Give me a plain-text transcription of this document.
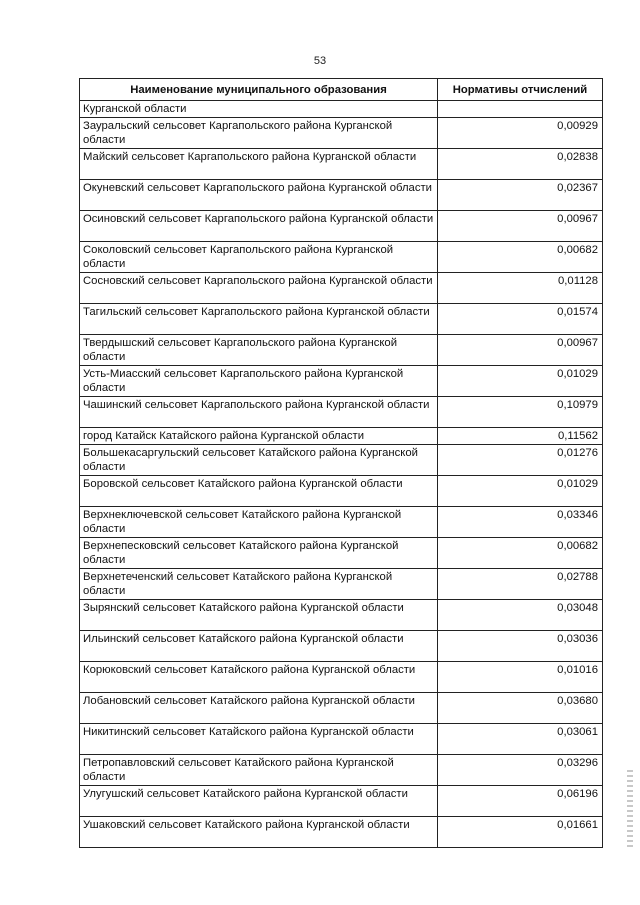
53
Наименование муниципального образования	Нормативы отчислений
Курганской области	
Зауральский сельсовет Каргапольского района Курганской области	0,00929
Майский сельсовет Каргапольского района Курганской области	0,02838
Окуневский сельсовет Каргапольского района Курганской области	0,02367
Осиновский сельсовет Каргапольского района Курганской области	0,00967
Соколовский сельсовет Каргапольского района Курганской области	0,00682
Сосновский сельсовет Каргапольского района Курганской области	0,01128
Тагильский сельсовет Каргапольского района Курганской области	0,01574
Твердышский сельсовет Каргапольского района Курганской области	0,00967
Усть-Миасский сельсовет Каргапольского района Курганской области	0,01029
Чашинский сельсовет Каргапольского района Курганской области	0,10979
город Катайск Катайского района Курганской области	0,11562
Большекасаргульский сельсовет Катайского района Курганской области	0,01276
Боровской сельсовет Катайского района Курганской области	0,01029
Верхнеключевской сельсовет Катайского района Курганской области	0,03346
Верхнепесковский сельсовет Катайского района Курганской области	0,00682
Верхнетеченский сельсовет Катайского района Курганской области	0,02788
Зырянский сельсовет Катайского района Курганской области	0,03048
Ильинский сельсовет Катайского района Курганской области	0,03036
Корюковский сельсовет Катайского района Курганской области	0,01016
Лобановский сельсовет Катайского района Курганской области	0,03680
Никитинский сельсовет Катайского района Курганской области	0,03061
Петропавловский сельсовет Катайского района Курганской области	0,03296
Улугушский сельсовет Катайского района Курганской области	0,06196
Ушаковский сельсовет Катайского района Курганской области	0,01661
